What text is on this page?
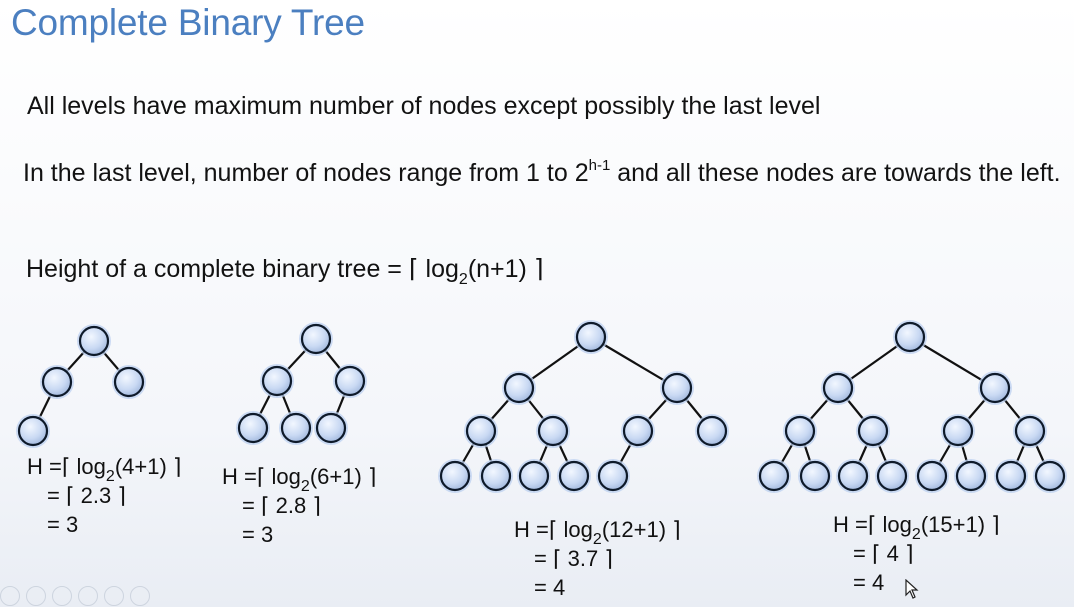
Complete Binary Tree
All levels have maximum number of nodes except possibly the last level
In the last level, number of nodes range from 1 to 2$^{h-1}$ and all these nodes are towards the left.
Height of a complete binary tree = ⌈ $\log_2(n+1)$ ⌉
H =⌈ $\log_2(4+1)$ ⌉
= ⌈ 2.3 ⌉
= 3
H =⌈ $\log_2(6+1)$ ⌉
= ⌈ 2.8 ⌉
= 3	H =⌈ $\log_2(12+1)$ ⌉
= ⌈ 3.7 ⌉
= 4
H =⌈ $\log_2(15+1)$ ⌉
= ⌈ 4 ⌉
= 4
